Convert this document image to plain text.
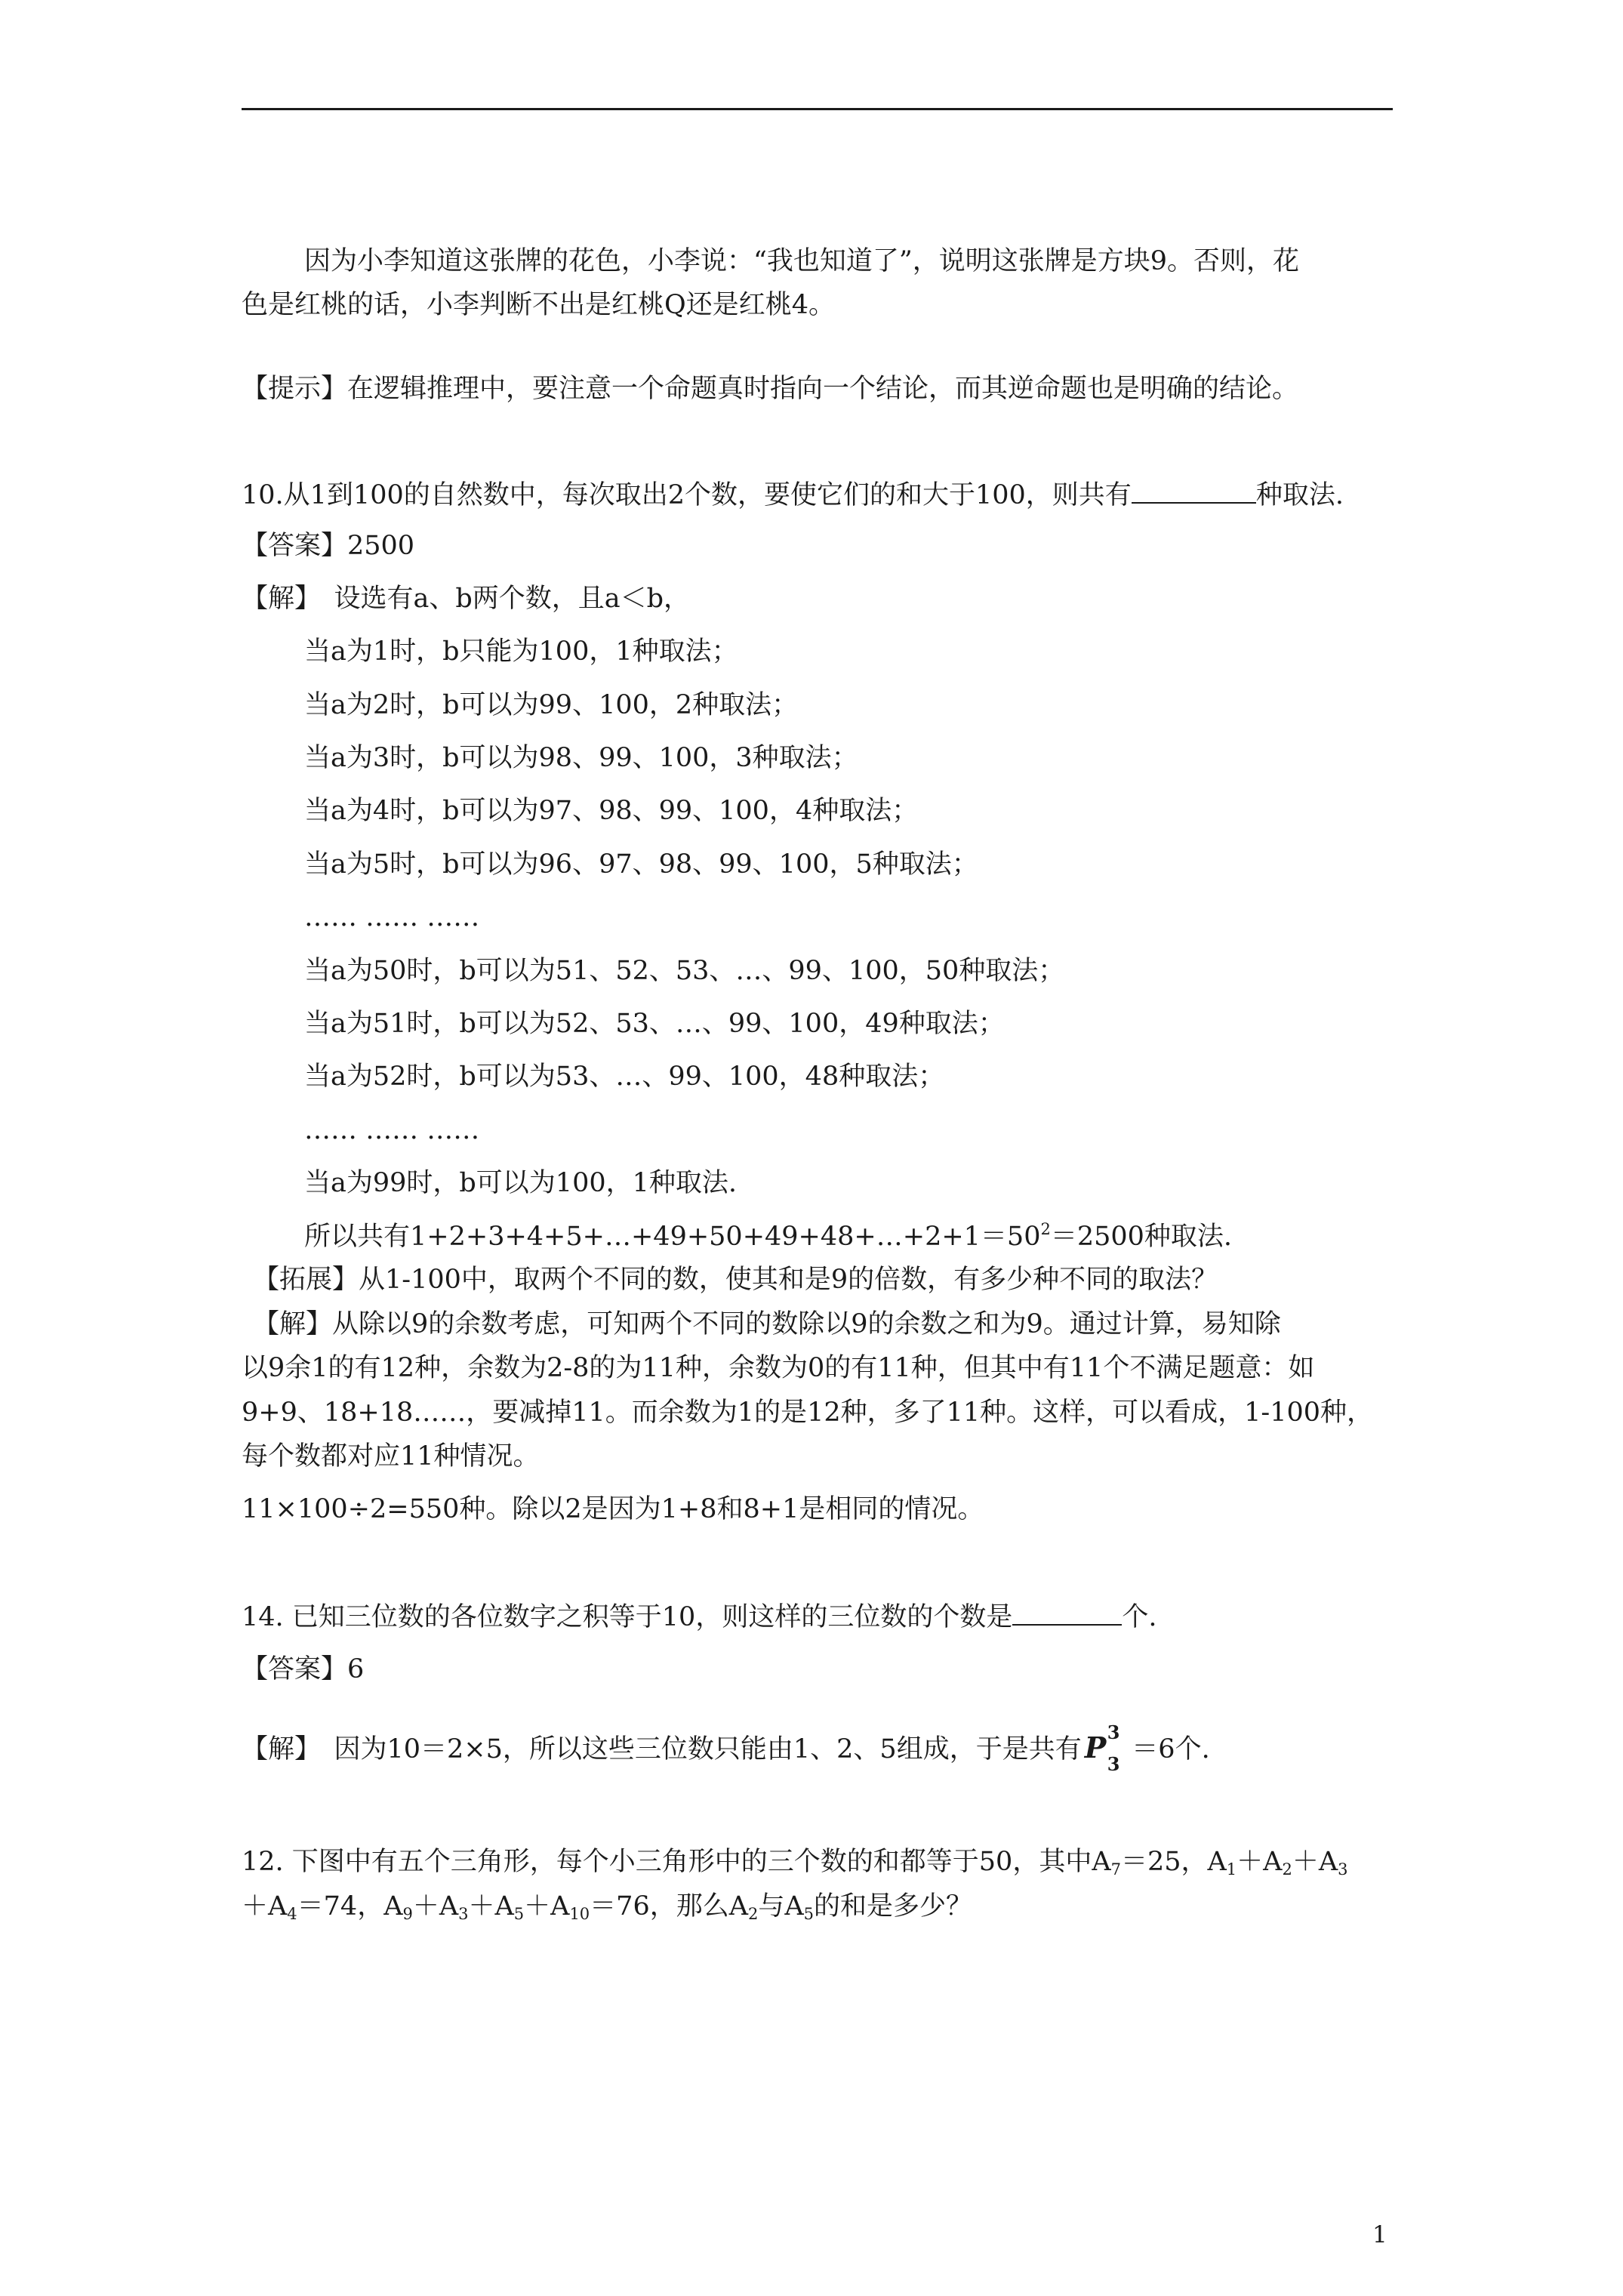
因为小李知道这张牌的花色，小李说：“我也知道了”，说明这张牌是方块9。否则，花

色是红桃的话，小李判断不出是红桃Q还是红桃4。

【提示】在逻辑推理中，要注意一个命题真时指向一个结论，而其逆命题也是明确的结论。

10.从1到100的自然数中，每次取出2个数，要使它们的和大于100，则共有	种取法.

【答案】2500

【解】　设选有a、b两个数，且a＜b，

当a为1时，b只能为100，1种取法；

当a为2时，b可以为99、100，2种取法；

当a为3时，b可以为98、99、100，3种取法；

当a为4时，b可以为97、98、99、100，4种取法；

当a为5时，b可以为96、97、98、99、100，5种取法；

…… …… ……

当a为50时，b可以为51、52、53、…、99、100，50种取法；

当a为51时，b可以为52、53、…、99、100，49种取法；

当a为52时，b可以为53、…、99、100，48种取法；

…… …… ……

当a为99时，b可以为100，1种取法.

所以共有$1+2+3+4+5+\dots+49+50+49+48+\dots+2+1=50^2=2500$种取法.

【拓展】从1-100中，取两个不同的数，使其和是9的倍数，有多少种不同的取法？

【解】从除以9的余数考虑，可知两个不同的数除以9的余数之和为9。通过计算，易知除

以9余1的有12种，余数为2-8的为11种，余数为0的有11种，但其中有11个不满足题意：如

9+9、18+18……，要减掉11。而余数为1的是12种，多了11种。这样，可以看成，1-100种，

每个数都对应11种情况。

11×100÷2=550种。除以2是因为1+8和8+1是相同的情况。

14. 已知三位数的各位数字之积等于10，则这样的三位数的个数是	个.

【答案】6

【解】　因为10＝2×5，所以这些三位数只能由1、2、5组成，于是共有 P 3
3 ＝6个.

12. 下图中有五个三角形，每个小三角形中的三个数的和都等于50，其中$A_7=25$，$A_1+A_2+A_3$

$+A_4=74$，$A_9+A_3+A_5+A_{10}=76$，那么$A_2$与$A_5$的和是多少？

1
